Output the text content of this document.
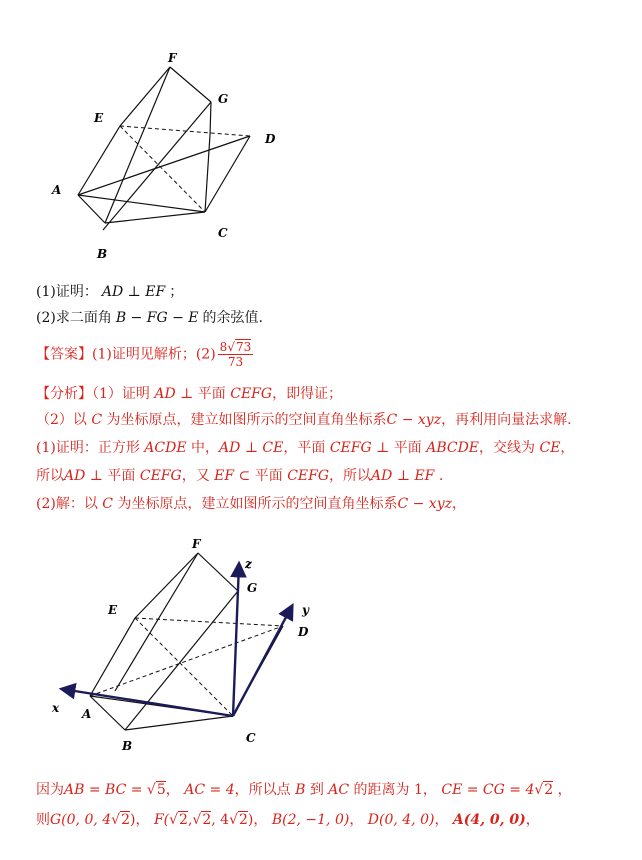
F
G
E
D
A
B
C
(1)证明： AD ⊥ EF ；
(2)求二面角 B − FG − E 的余弦值.
【答案】(1)证明见解析；$(2) \frac{8√73}{73}$
【分析】（1）证明 AD ⊥ 平面 CEFG，即得证；
（2）以 C 为坐标原点，建立如图所示的空间直角坐标系C − xyz，再利用向量法求解.
(1)证明：正方形 ACDE 中，AD ⊥ CE，平面 CEFG ⊥ 平面 ABCDE，交线为 CE，
所以AD ⊥ 平面 CEFG，又 EF ⊂ 平面 CEFG，所以AD ⊥ EF .
(2)解：以 C 为坐标原点，建立如图所示的空间直角坐标系C − xyz，
F
z
G
E	y
D
x A
B
C
因为AB = BC = √5， AC = 4，所以点 B 到 AC 的距离为 1， CE = CG = 4√2 ，
则G(0, 0, 4√2)， F(√2,√2, 4√2)， B(2, −1, 0)， D(0, 4, 0)， A(4, 0, 0)，
